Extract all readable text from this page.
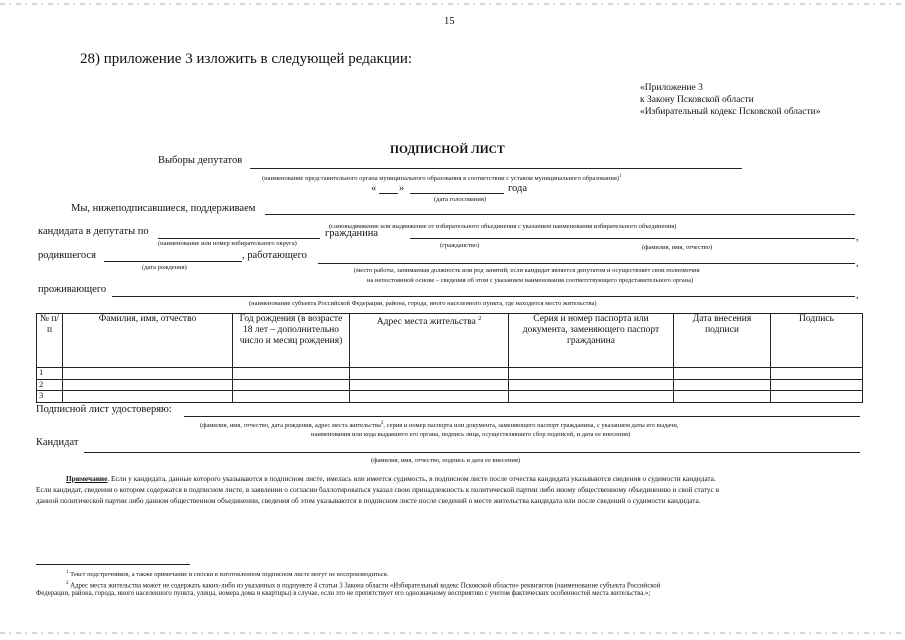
15
28) приложение 3 изложить в следующей редакции:
«Приложение 3
к Закону Псковской области
«Избирательный кодекс Псковской области»
ПОДПИСНОЙ ЛИСТ
Выборы депутатов
(наименование представительного органа муниципального образования в соответствии с уставом муниципального образования)$^1$
« »	года
(дата голосования)
Мы, нижеподписавшиеся, поддерживаем
(самовыдвижение или выдвижение от избирательного объединения с указанием наименования избирательного объединения)
кандидата в депутаты по	гражданина	,
(наименование или номер избирательного округа)	(гражданство)	(фамилия, имя, отчество)
родившегося	, работающего
,
(дата рождения)	(место работы, занимаемая должность или род занятий; если кандидат является депутатом и осуществляет свои полномочия
на непостоянной основе – сведения об этом с указанием наименования соответствующего представительного органа)
проживающего
,
(наименование субъекта Российской Федерации, района, города, иного населенного пункта, где находится место жительства)
№ п/п	Фамилия, имя, отчество	Год рождения (в возрасте 18 лет – дополнительно число и месяц рождения)	Адрес места жительства $^2$	Серия и номер паспорта или документа, заменяющего паспорт гражданина	Дата внесения подписи	Подпись
1						
2						
3						
Подписной лист удостоверяю:
(фамилия, имя, отчество, дата рождения, адрес места жительства$^2$, серия и номер паспорта или документа, заменяющего паспорт гражданина, с указанием даты его выдачи,
наименования или кода выдавшего его органа, подпись лица, осуществлявшего сбор подписей, и дата ее внесения)
Кандидат
(фамилия, имя, отчество, подпись и дата ее внесения)
Примечание. Если у кандидата, данные которого указываются в подписном листе, имелась или имеется судимость, в подписном листе после отчества кандидата указываются сведения о судимости кандидата.
Если кандидат, сведения о котором содержатся в подписном листе, в заявлении о согласии баллотироваться указал свою принадлежность к политической партии либо иному общественному объединению и свой статус в
данной политической партии либо данном общественном объединении, сведения об этом указываются в подписном листе после сведений о месте жительства кандидата или после сведений о судимости кандидата.
$^1$ Текст подстрочников, а также примечание и сноски в изготовленном подписном листе могут не воспроизводиться.
$^2$ Адрес места жительства может не содержать каких-либо из указанных в подпункте 4 статьи 3 Закона области «Избирательный кодекс Псковской области» реквизитов (наименование субъекта Российской
Федерации, района, города, иного населенного пункта, улицы, номера дома и квартиры) в случае, если это не препятствует его однозначному восприятию с учетом фактических особенностей места жительства.»;
